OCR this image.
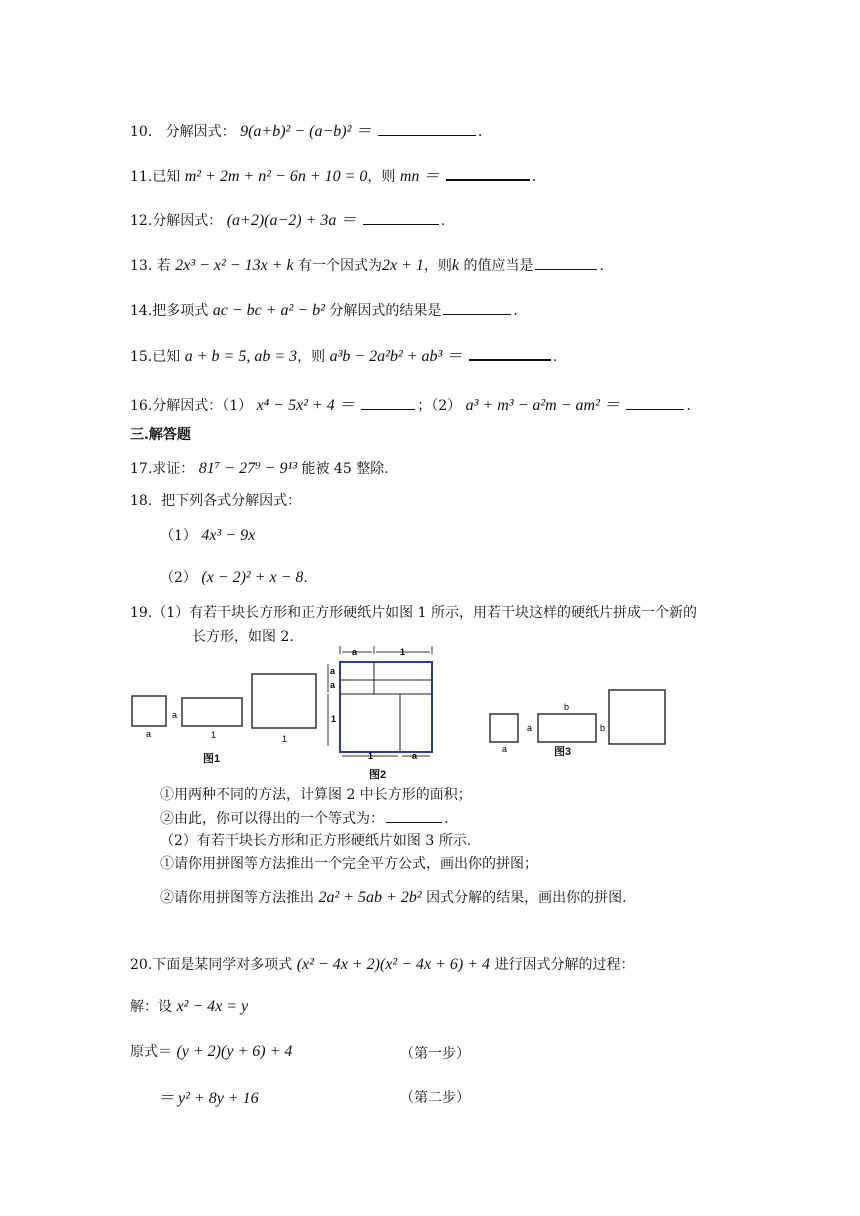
10. 分解因式： 9(a+b)² − (a−b)² ＝	.
11.已知 m² + 2m + n² − 6n + 10 = 0，则 mn ＝	.
12.分解因式： (a+2)(a−2) + 3a ＝	.
13. 若 2x³ − x² − 13x + k 有一个因式为2x + 1，则k 的值应当是	.
14.把多项式 ac − bc + a² − b² 分解因式的结果是	.
15.已知 a + b = 5, ab = 3，则 a³b − 2a²b² + ab³ ＝	.
16.分解因式：（1） x⁴ − 5x² + 4 ＝	；（2） a³ + m³ − a²m − am² ＝	.
三.解答题
17.求证： 81⁷ − 27⁹ − 9¹³ 能被 45 整除.
18. 把下列各式分解因式：
（1） 4x³ − 9x
（2） (x − 2)² + x − 8.
19.（1）有若干块长方形和正方形硬纸片如图 1 所示，用若干块这样的硬纸片拼成一个新的
长方形，如图 2.
a
a
1	1
图1
a	1
a
a
1
1	a
图2
a
a
b
b
图3
①用两种不同的方法，计算图 2 中长方形的面积；
②由此，你可以得出的一个等式为：	.
（2）有若干块长方形和正方形硬纸片如图 3 所示.
①请你用拼图等方法推出一个完全平方公式，画出你的拼图；
②请你用拼图等方法推出 2a² + 5ab + 2b² 因式分解的结果，画出你的拼图.
20.下面是某同学对多项式 (x² − 4x + 2)(x² − 4x + 6) + 4 进行因式分解的过程：
解：设 x² − 4x = y
原式＝ (y + 2)(y + 6) + 4	（第一步）
＝ y² + 8y + 16	（第二步）
